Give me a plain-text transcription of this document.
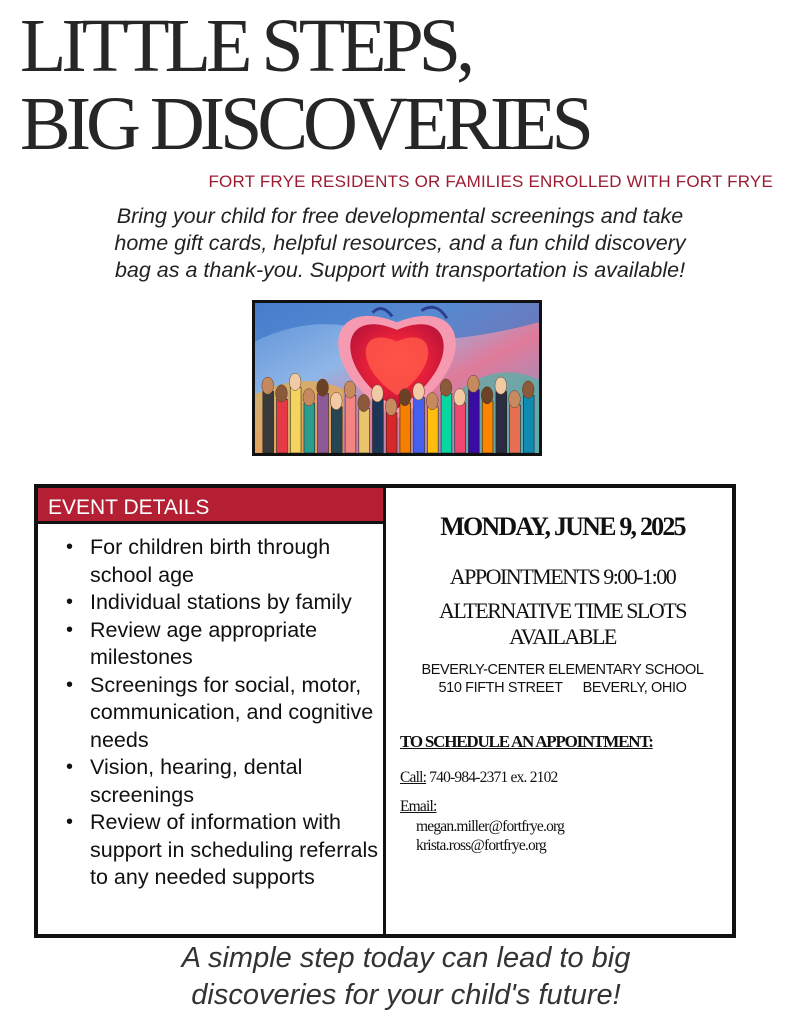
LITTLE STEPS,
BIG DISCOVERIES
FORT FRYE RESIDENTS OR FAMILIES ENROLLED WITH FORT FRYE
Bring your child for free developmental screenings and take
home gift cards, helpful resources, and a fun child discovery
bag as a thank-you. Support with transportation is available!
EVENT DETAILS
• For children birth through school age
• Individual stations by family
• Review age appropriate milestones
• Screenings for social, motor, communication, and cognitive needs
• Vision, hearing, dental screenings
• Review of information with support in scheduling referrals to any needed supports
MONDAY, JUNE 9, 2025
APPOINTMENTS 9:00-1:00
ALTERNATIVE TIME SLOTS
AVAILABLE
BEVERLY-CENTER ELEMENTARY SCHOOL
510 FIFTH STREET BEVERLY, OHIO
TO SCHEDULE AN APPOINTMENT:
Call: 740-984-2371 ex. 2102
Email:
megan.miller@fortfrye.org
krista.ross@fortfrye.org
A simple step today can lead to big
discoveries for your child's future!
